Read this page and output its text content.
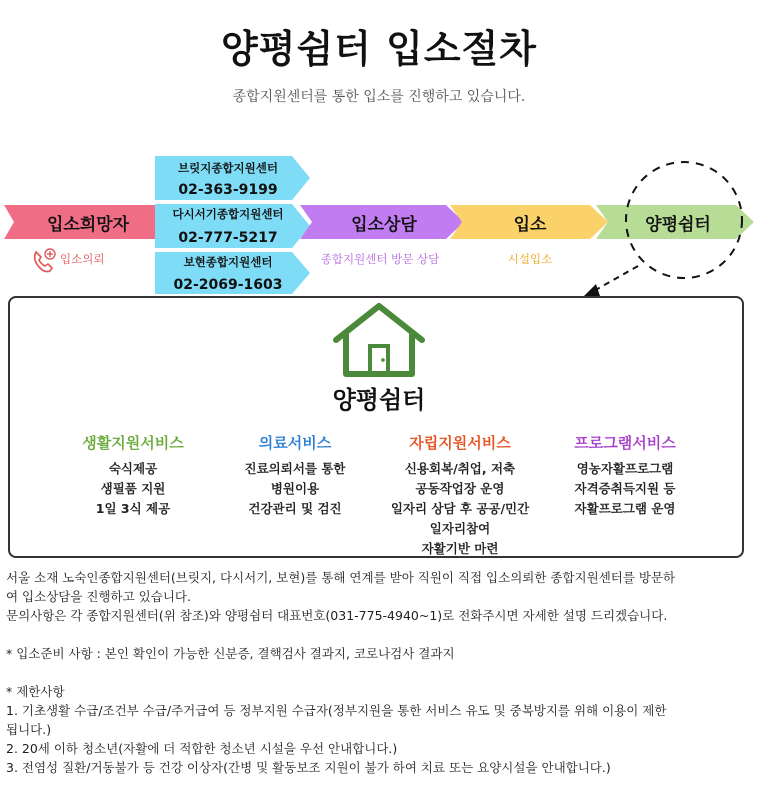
양평쉼터 입소절차
종합지원센터를 통한 입소를 진행하고 있습니다.
입소희망자
브릿지종합지원센터
02-363-9199
다시서기종합지원센터
02-777-5217
보현종합지원센터
02-2069-1603
입소상담	입소	양평쉼터
입소의뢰	종합지원센터 방문 상담	시설입소
양평쉼터
생활지원서비스
숙식제공
생필품 지원
1일 3식 제공
의료서비스
진료의뢰서를 통한
병원이용
건강관리 및 검진
자립지원서비스
신용회복/취업, 저축
공동작업장 운영
일자리 상담 후 공공/민간
일자리참여
자활기반 마련
프로그램서비스
영농자활프로그램
자격증취득지원 등
자활프로그램 운영

서울 소재 노숙인종합지원센터(브릿지, 다시서기, 보현)를 통해 연계를 받아 직원이 직접 입소의뢰한 종합지원센터를 방문하

여 입소상담을 진행하고 있습니다.

문의사항은 각 종합지원센터(위 참조)와 양평쉼터 대표번호(031-775-4940~1)로 전화주시면 자세한 설명 드리겠습니다.

* 입소준비 사항 : 본인 확인이 가능한 신분증, 결핵검사 결과지, 코로나검사 결과지

* 제한사항

1. 기초생활 수급/조건부 수급/주거급여 등 정부지원 수급자(정부지원을 통한 서비스 유도 및 중복방지를 위해 이용이 제한

됩니다.)

2. 20세 이하 청소년(자활에 더 적합한 청소년 시설을 우선 안내합니다.)

3. 전염성 질환/거동불가 등 건강 이상자(간병 및 활동보조 지원이 불가 하여 치료 또는 요양시설을 안내합니다.)
